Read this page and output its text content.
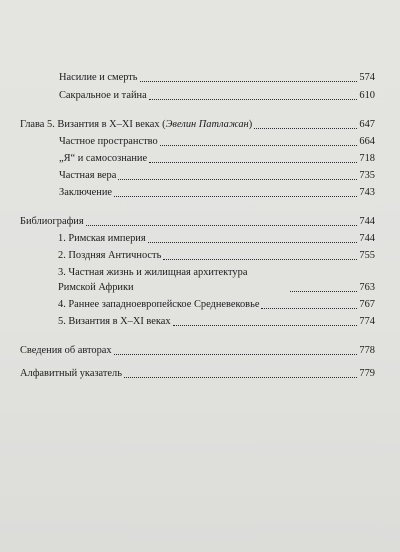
Насилие и смерть	574
Сакральное и тайна	610
Глава 5. Византия в X–XI веках (Эвелин Патлажан)	647
Частное пространство	664
„Я“ и самосознание	718
Частная вера	735
Заключение	743
Библиография	744
1. Римская империя	744
2. Поздняя Античность	755
3. Частная жизнь и жилищная архитектура
Римской Африки	763
4. Раннее западноевропейское Средневековье	767
5. Византия в X–XI веках	774
Сведения об авторах	778
Алфавитный указатель	779
